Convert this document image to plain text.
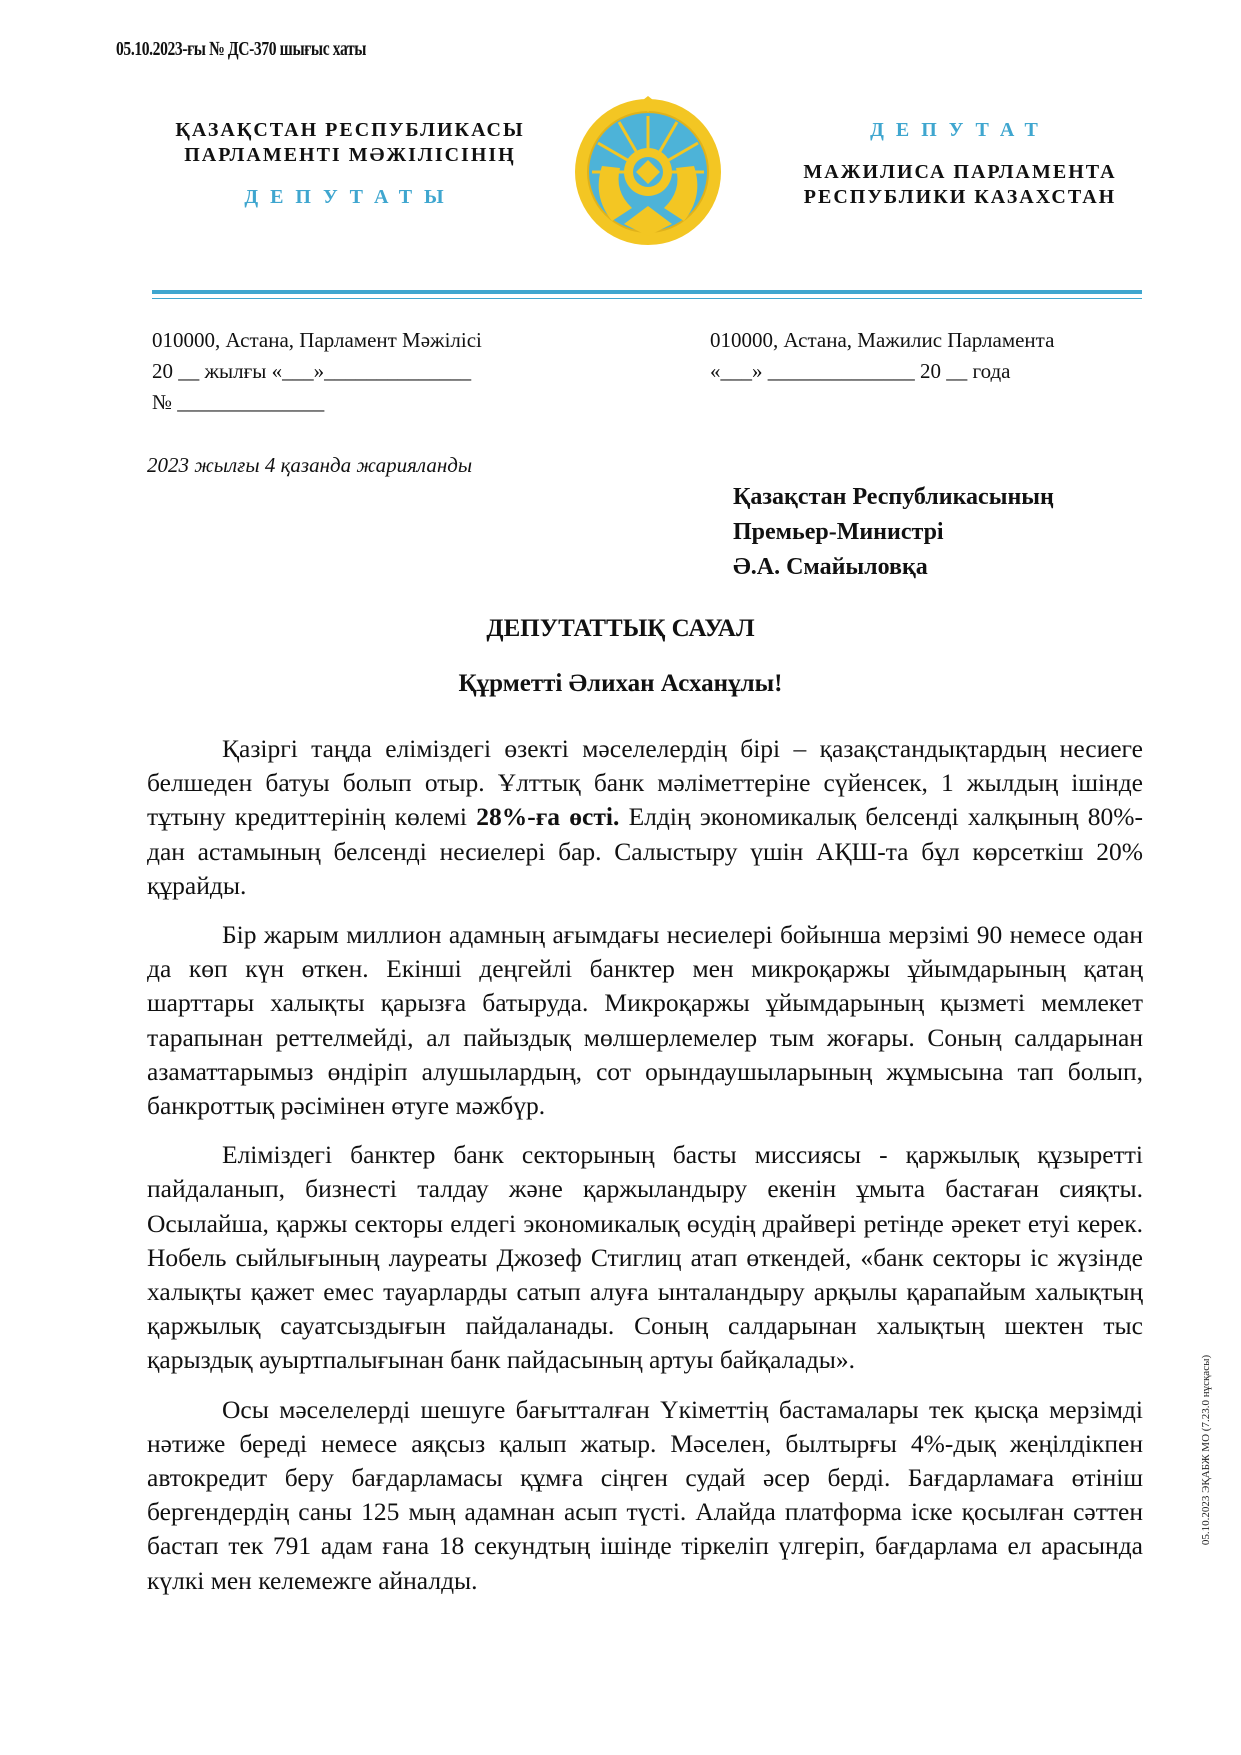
05.10.2023-ғы № ДС-370 шығыс хаты
ҚАЗАҚСТАН РЕСПУБЛИКАСЫ
ПАРЛАМЕНТІ МӘЖІЛІСІНІҢ
ДЕПУТАТЫ
ДЕПУТАТ
МАЖИЛИСА ПАРЛАМЕНТА
РЕСПУБЛИКИ КАЗАХСТАН
010000, Астана, Парламент Мәжілісі
20 __ жылғы «___»______________
№ ______________
010000, Астана, Мажилис Парламента
«___» ______________ 20 __ года
2023 жылғы 4 қазанда жарияланды
Қазақстан Республикасының
Премьер-Министрі
Ә.А. Смайыловқа
ДЕПУТАТТЫҚ САУАЛ
Құрметті Әлихан Асханұлы!

Қазіргі таңда еліміздегі өзекті мәселелердің бірі – қазақстандықтардың несиеге белшеден батуы болып отыр. Ұлттық банк мәліметтеріне сүйенсек, 1 жылдың ішінде тұтыну кредиттерінің көлемі 28%-ға өсті. Елдің экономикалық белсенді халқының 80%-дан астамының белсенді несиелері бар. Салыстыру үшін АҚШ-та бұл көрсеткіш 20% құрайды.

Бір жарым миллион адамның ағымдағы несиелері бойынша мерзімі 90 немесе одан да көп күн өткен. Екінші деңгейлі банктер мен микроқаржы ұйымдарының қатаң шарттары халықты қарызға батыруда. Микроқаржы ұйымдарының қызметі мемлекет тарапынан реттелмейді, ал пайыздық мөлшерлемелер тым жоғары. Соның салдарынан азаматтарымыз өндіріп алушылардың, сот орындаушыларының жұмысына тап болып, банкроттық рәсімінен өтуге мәжбүр.

Еліміздегі банктер банк секторының басты миссиясы - қаржылық құзыретті пайдаланып, бизнесті талдау және қаржыландыру екенін ұмыта бастаған сияқты. Осылайша, қаржы секторы елдегі экономикалық өсудің драйвері ретінде әрекет етуі керек. Нобель сыйлығының лауреаты Джозеф Стиглиц атап өткендей, «банк секторы іс жүзінде халықты қажет емес тауарларды сатып алуға ынталандыру арқылы қарапайым халықтың қаржылық сауатсыздығын пайдаланады. Соның салдарынан халықтың шектен тыс қарыздық ауыртпалығынан банк пайдасының артуы байқалады».

Осы мәселелерді шешуге бағытталған Үкіметтің бастамалары тек қысқа мерзімді нәтиже береді немесе аяқсыз қалып жатыр. Мәселен, былтырғы 4%-дық жеңілдікпен автокредит беру бағдарламасы құмға сіңген судай әсер берді. Бағдарламаға өтініш бергендердің саны 125 мың адамнан асып түсті. Алайда платформа іске қосылған сәттен бастап тек 791 адам ғана 18 секундтың ішінде тіркеліп үлгеріп, бағдарлама ел арасында күлкі мен келемежге айналды.

05.10.2023 ЭҚАБЖ МО (7.23.0 нұсқасы)
